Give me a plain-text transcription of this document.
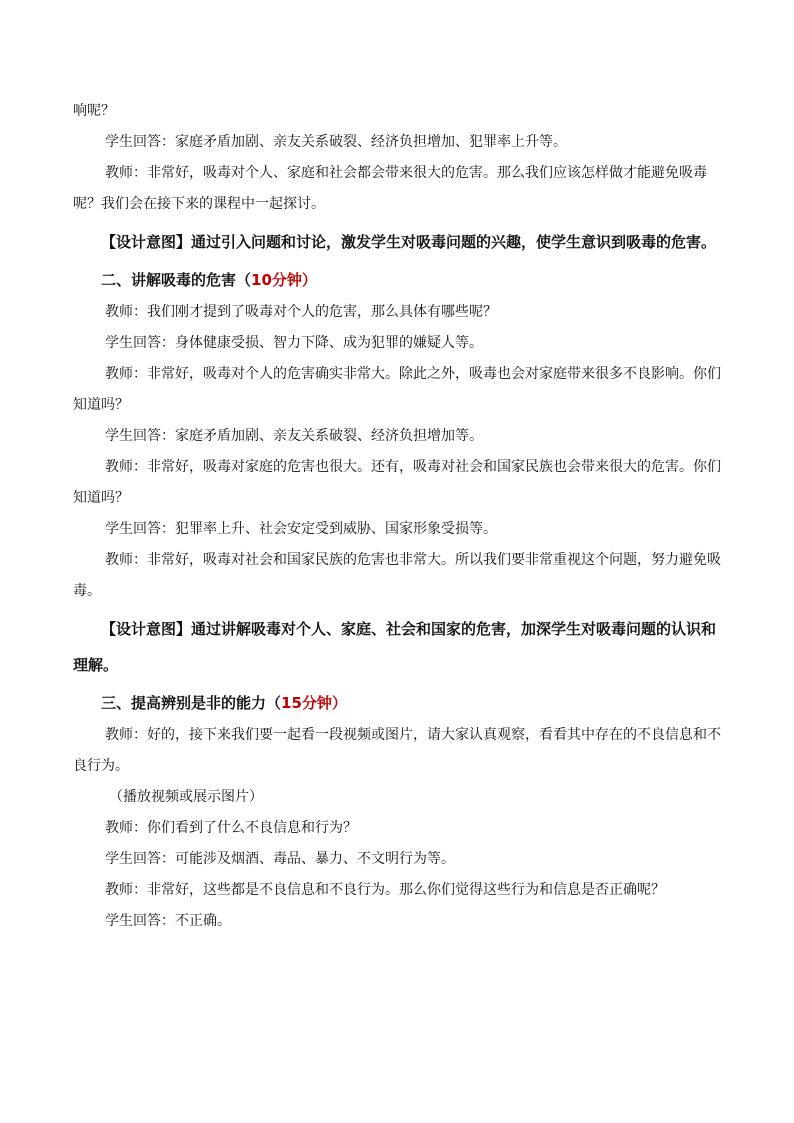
响呢？

学生回答：家庭矛盾加剧、亲友关系破裂、经济负担增加、犯罪率上升等。

教师：非常好，吸毒对个人、家庭和社会都会带来很大的危害。那么我们应该怎样做才能避免吸毒呢？我们会在接下来的课程中一起探讨。

【设计意图】通过引入问题和讨论，激发学生对吸毒问题的兴趣，使学生意识到吸毒的危害。

二、讲解吸毒的危害（10分钟）

教师：我们刚才提到了吸毒对个人的危害，那么具体有哪些呢？

学生回答：身体健康受损、智力下降、成为犯罪的嫌疑人等。

教师：非常好，吸毒对个人的危害确实非常大。除此之外，吸毒也会对家庭带来很多不良影响。你们知道吗？

学生回答：家庭矛盾加剧、亲友关系破裂、经济负担增加等。

教师：非常好，吸毒对家庭的危害也很大。还有，吸毒对社会和国家民族也会带来很大的危害。你们知道吗？

学生回答：犯罪率上升、社会安定受到威胁、国家形象受损等。

教师：非常好，吸毒对社会和国家民族的危害也非常大。所以我们要非常重视这个问题，努力避免吸毒。

【设计意图】通过讲解吸毒对个人、家庭、社会和国家的危害，加深学生对吸毒问题的认识和理解。

三、提高辨别是非的能力（15分钟）

教师：好的，接下来我们要一起看一段视频或图片，请大家认真观察，看看其中存在的不良信息和不良行为。

（播放视频或展示图片）

教师：你们看到了什么不良信息和行为？

学生回答：可能涉及烟酒、毒品、暴力、不文明行为等。

教师：非常好，这些都是不良信息和不良行为。那么你们觉得这些行为和信息是否正确呢？

学生回答：不正确。
